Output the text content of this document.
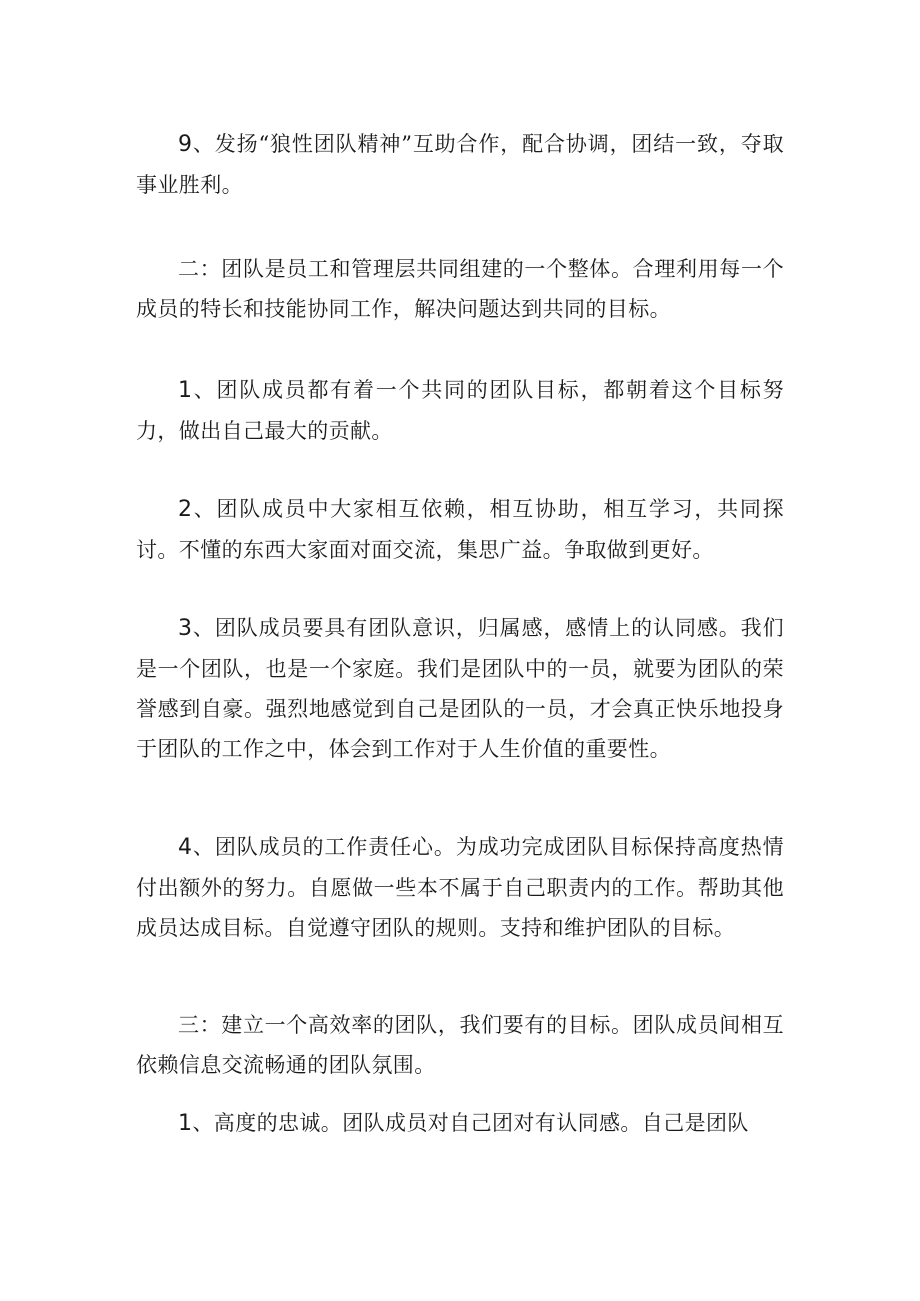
9、发扬“狼性团队精神”互助合作，配合协调，团结一致，夺取事业胜利。

二：团队是员工和管理层共同组建的一个整体。合理利用每一个成员的特长和技能协同工作，解决问题达到共同的目标。

1、团队成员都有着一个共同的团队目标，都朝着这个目标努力，做出自己最大的贡献。

2、团队成员中大家相互依赖，相互协助，相互学习，共同探讨。不懂的东西大家面对面交流，集思广益。争取做到更好。

3、团队成员要具有团队意识，归属感，感情上的认同感。我们是一个团队，也是一个家庭。我们是团队中的一员，就要为团队的荣誉感到自豪。强烈地感觉到自己是团队的一员，才会真正快乐地投身于团队的工作之中，体会到工作对于人生价值的重要性。

4、团队成员的工作责任心。为成功完成团队目标保持高度热情付出额外的努力。自愿做一些本不属于自己职责内的工作。帮助其他成员达成目标。自觉遵守团队的规则。支持和维护团队的目标。

三：建立一个高效率的团队，我们要有的目标。团队成员间相互依赖信息交流畅通的团队氛围。

1、高度的忠诚。团队成员对自己团对有认同感。自己是团队
